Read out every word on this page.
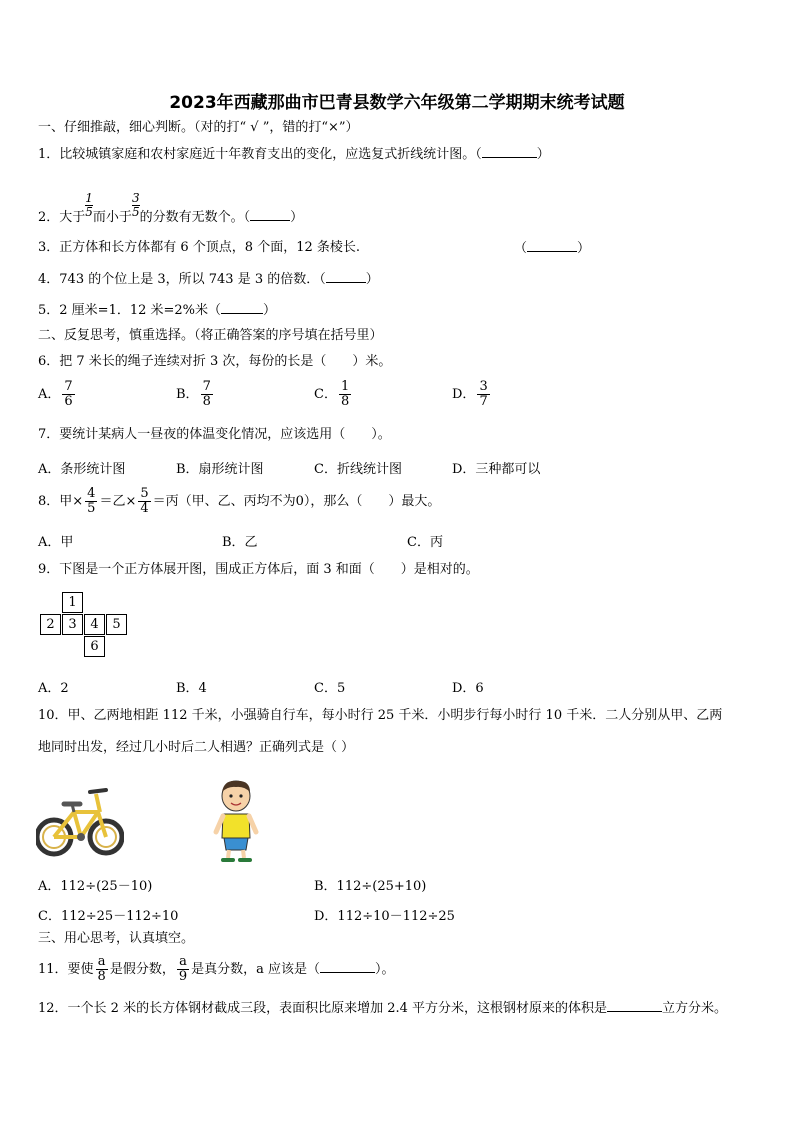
2023年西藏那曲市巴青县数学六年级第二学期期末统考试题
一、仔细推敲，细心判断。（对的打“ √ ”，错的打“×”）
1．比较城镇家庭和农村家庭近十年教育支出的变化，应选复式折线统计图。（	）
2．大于 $\frac{1}{5}$ 而小于 $\frac{3}{5}$ 的分数有无数个。（	）
3．正方体和长方体都有 6 个顶点，8 个面，12 条棱长.	（	）
4．743 的个位上是 3，所以 743 是 3 的倍数．（	）
5．2 厘米=1．12 米=2%米（	）
二、反复思考，慎重选择。（将正确答案的序号填在括号里）
6．把 7 米长的绳子连续对折 3 次，每份的长是（　　）米。
A． $\frac{7}{6}$	B． $\frac{7}{8}$	C． $\frac{1}{8}$	D． $\frac{3}{7}$
7．要统计某病人一昼夜的体温变化情况，应该选用（　　）。
A．条形统计图	B．扇形统计图	C．折线统计图	D．三种都可以
8．甲× $\frac{4}{5}$ ＝乙× $\frac{5}{4}$ ＝丙（甲、乙、丙均不为0），那么（　　）最大。
A．甲	B．乙	C．丙
9．下图是一个正方体展开图，围成正方体后，面 3 和面（　　）是相对的。
1
2	3	4	5
6
A．2	B．4	C．5	D．6
10．甲、乙两地相距 112 千米，小强骑自行车，每小时行 25 千米．小明步行每小时行 10 千米．二人分别从甲、乙两
地同时出发，经过几小时后二人相遇？正确列式是（ ）
A．112÷(25－10)	B．112÷(25+10)
C．112÷25－112÷10	D．112÷10－112÷25
三、用心思考，认真填空。
11．要使 $\frac{a}{8}$ 是假分数， $\frac{a}{9}$ 是真分数，a 应该是（	）。
12．一个长 2 米的长方体钢材截成三段，表面积比原来增加 2.4 平方分米，这根钢材原来的体积是	立方分米。
